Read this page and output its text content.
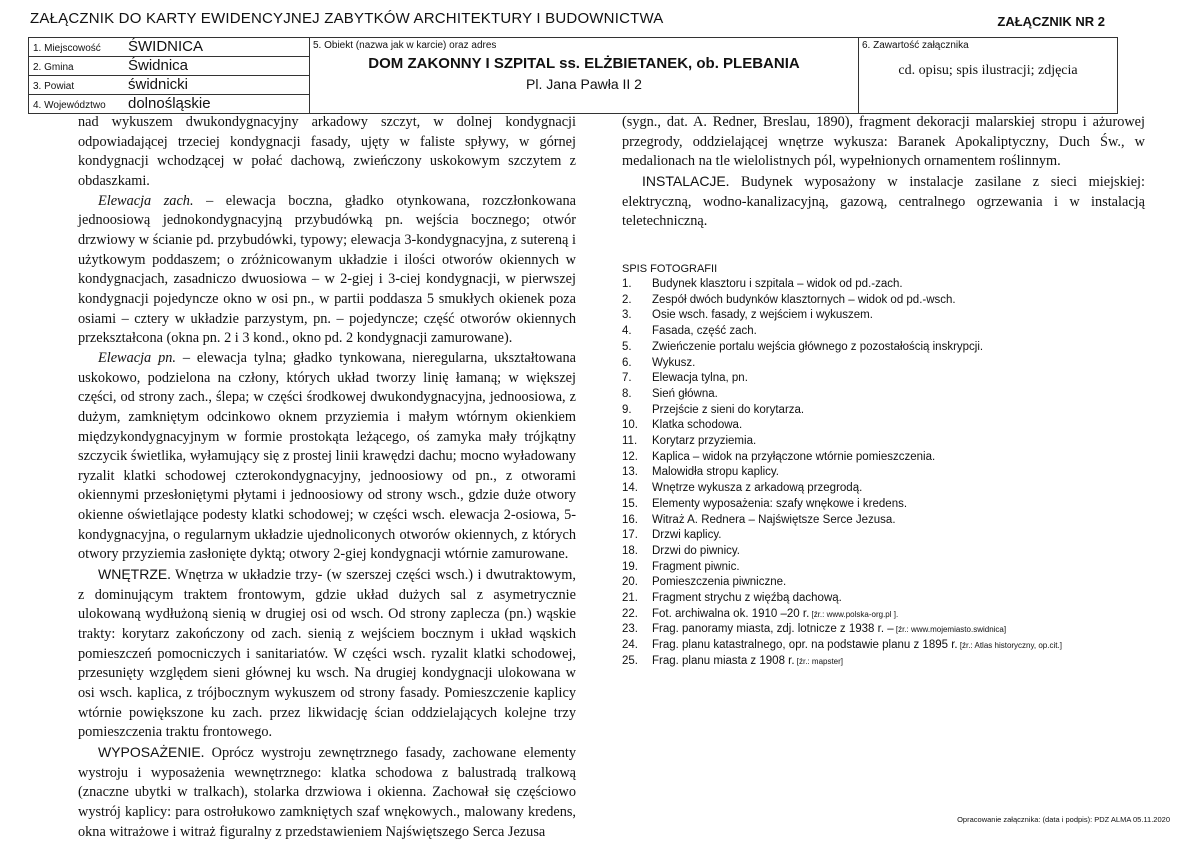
ZAŁĄCZNIK DO KARTY EWIDENCYJNEJ ZABYTKÓW ARCHITEKTURY I BUDOWNICTWA	ZAŁĄCZNIK NR 2
1. Miejscowość ŚWIDNICA
2. Gmina	Świdnica
3. Powiat	świdnicki
4. Województwo dolnośląskie

5. Obiekt (nazwa jak w karcie) oraz adres
DOM ZAKONNY I SZPITAL ss. ELŻBIETANEK, ob. PLEBANIA
Pl. Jana Pawła II 2

6. Zawartość załącznika
cd. opisu; spis ilustracji; zdjęcia

nad wykuszem dwukondygnacyjny arkadowy szczyt, w dolnej kondygnacji odpowiadającej trzeciej kondygnacji fasady, ujęty w faliste spływy, w górnej kondygnacji wchodzącej w połać dachową, zwieńczony uskokowym szczytem z obdaszkami.

Elewacja zach. – elewacja boczna, gładko otynkowana, rozczłonkowana jednoosiową jednokondygnacyjną przybudówką pn. wejścia bocznego; otwór drzwiowy w ścianie pd. przybudówki, typowy; elewacja 3-kondygnacyjna, z sutereną i użytkowym poddaszem; o zróżnicowanym układzie i ilości otworów okiennych w kondygnacjach, zasadniczo dwuosiowa – w 2-giej i 3-ciej kondygnacji, w pierwszej kondygnacji pojedyncze okno w osi pn., w partii poddasza 5 smukłych okienek poza osiami – cztery w układzie parzystym, pn. – pojedyncze; część otworów okiennych przekształcona (okna pn. 2 i 3 kond., okno pd. 2 kondygnacji zamurowane).

Elewacja pn. – elewacja tylna; gładko tynkowana, nieregularna, ukształtowana uskokowo, podzielona na człony, których układ tworzy linię łamaną; w większej części, od strony zach., ślepa; w części środkowej dwukondygnacyjna, jednoosiowa, z dużym, zamkniętym odcinkowo oknem przyziemia i małym wtórnym okienkiem międzykondygnacyjnym w formie prostokąta leżącego, oś zamyka mały trójkątny szczycik świetlika, wyłamujący się z prostej linii krawędzi dachu; mocno wyładowany ryzalit klatki schodowej czterokondygnacyjny, jednoosiowy od pn., z otworami okiennymi przesłoniętymi płytami i jednoosiowy od strony wsch., gdzie duże otwory okienne oświetlające podesty klatki schodowej; w części wsch. elewacja 2-osiowa, 5-kondygnacyjna, o regularnym układzie ujednoliconych otworów okiennych, z których otwory przyziemia zasłonięte dyktą; otwory 2-giej kondygnacji wtórnie zamurowane.

WNĘTRZE. Wnętrza w układzie trzy- (w szerszej części wsch.) i dwutraktowym, z dominującym traktem frontowym, gdzie układ dużych sal z asymetrycznie ulokowaną wydłużoną sienią w drugiej osi od wsch. Od strony zaplecza (pn.) wąskie trakty: korytarz zakończony od zach. sienią z wejściem bocznym i układ wąskich pomieszczeń pomocniczych i sanitariatów. W części wsch. ryzalit klatki schodowej, przesunięty względem sieni głównej ku wsch. Na drugiej kondygnacji ulokowana w osi wsch. kaplica, z trójbocznym wykuszem od strony fasady. Pomieszczenie kaplicy wtórnie powiększone ku zach. przez likwidację ścian oddzielających kolejne trzy pomieszczenia traktu frontowego.

WYPOSAŻENIE. Oprócz wystroju zewnętrznego fasady, zachowane elementy wystroju i wyposażenia wewnętrznego: klatka schodowa z balustradą tralkową (znaczne ubytki w tralkach), stolarka drzwiowa i okienna. Zachował się częściowo wystrój kaplicy: para ostrołukowo zamkniętych szaf wnękowych., malowany kredens, okna witrażowe i witraż figuralny z przedstawieniem Najświętszego Serca Jezusa

(sygn., dat. A. Redner, Breslau, 1890), fragment dekoracji malarskiej stropu i ażurowej przegrody, oddzielającej wnętrze wykusza: Baranek Apokaliptyczny, Duch Św., w medalionach na tle wielolistnych pól, wypełnionych ornamentem roślinnym.

INSTALACJE. Budynek wyposażony w instalacje zasilane z sieci miejskiej: elektryczną, wodno-kanalizacyjną, gazową, centralnego ogrzewania i w instalacją teletechniczną.

SPIS FOTOGRAFII
1. Budynek klasztoru i szpitala – widok od pd.-zach.
2. Zespół dwóch budynków klasztornych – widok od pd.-wsch.
3. Osie wsch. fasady, z wejściem i wykuszem.
4. Fasada, część zach.
5. Zwieńczenie portalu wejścia głównego z pozostałością inskrypcji.
6. Wykusz.
7. Elewacja tylna, pn.
8. Sień główna.
9. Przejście z sieni do korytarza.
10. Klatka schodowa.
11. Korytarz przyziemia.
12. Kaplica – widok na przyłączone wtórnie pomieszczenia.
13. Malowidła stropu kaplicy.
14. Wnętrze wykusza z arkadową przegrodą.
15. Elementy wyposażenia: szafy wnękowe i kredens.
16. Witraż A. Rednera – Najświętsze Serce Jezusa.
17. Drzwi kaplicy.
18. Drzwi do piwnicy.
19. Fragment piwnic.
20. Pomieszczenia piwniczne.
21. Fragment strychu z więźbą dachową.
22. Fot. archiwalna ok. 1910 –20 r. [źr.: www.polska-org.pl ].
23. Frag. panoramy miasta, zdj. lotnicze z 1938 r. – [źr.: www.mojemiasto.swidnica]
24. Frag. planu katastralnego, opr. na podstawie planu z 1895 r. [źr.: Atlas historyczny, op.cit.]
25. Frag. planu miasta z 1908 r. [źr.: mapster]
Opracowanie załącznika: (data i podpis): PDZ ALMA 05.11.2020
